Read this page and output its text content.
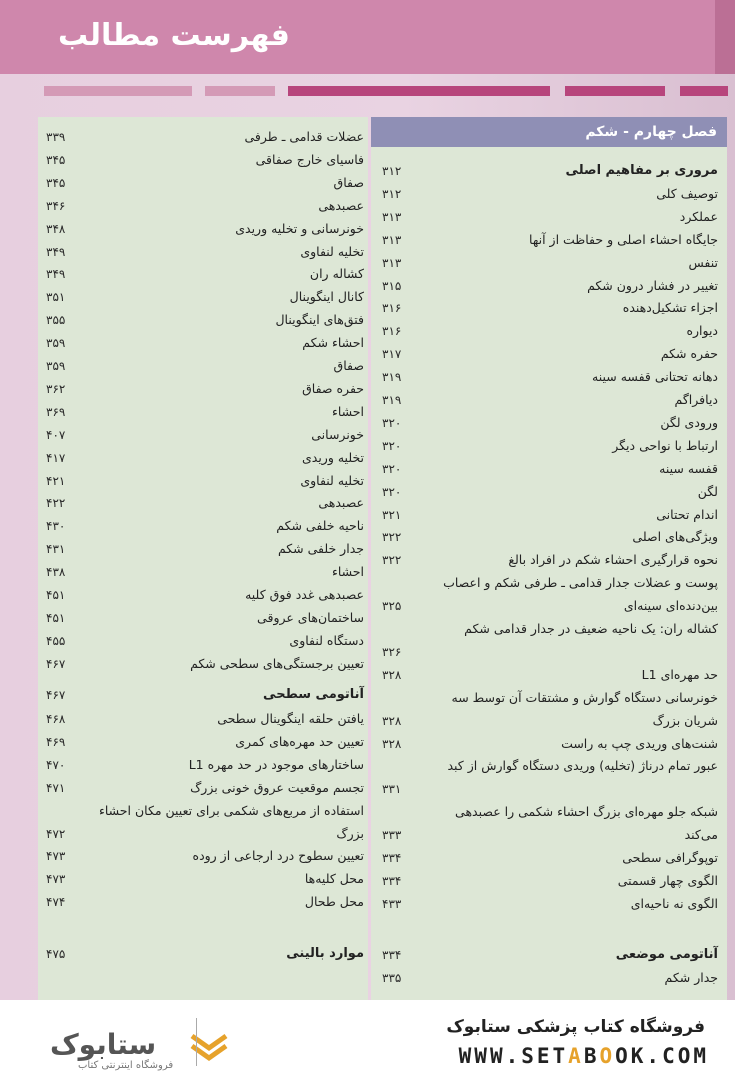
فهرست مطالب
فصل چهارم - شکم
عضلات قدامی ـ طرفی
۳۳۹
فاسیای خارج صفاقی
۳۴۵
صفاق
۳۴۵
عصبدهی
۳۴۶
خونرسانی و تخلیه وریدی
۳۴۸
تخلیه لنفاوی
۳۴۹
کشاله ران
۳۴۹
کانال اینگوینال
۳۵۱
فتق‌های اینگوینال
۳۵۵
احشاء شکم
۳۵۹
صفاق
۳۵۹
حفره صفاق
۳۶۲
احشاء
۳۶۹
خونرسانی
۴۰۷
تخلیه وریدی
۴۱۷
تخلیه لنفاوی
۴۲۱
عصبدهی
۴۲۲
ناحیه خلفی شکم
۴۳۰
جدار خلفی شکم
۴۳۱
احشاء
۴۳۸
عصبدهی غدد فوق کلیه
۴۵۱
ساختمان‌های عروقی
۴۵۱
دستگاه لنفاوی
۴۵۵
تعیین برجستگی‌های سطحی شکم
۴۶۷
آناتومی سطحی
۴۶۷
یافتن حلقه اینگوینال سطحی
۴۶۸
تعیین حد مهره‌های کمری
۴۶۹
ساختارهای موجود در حد مهره L1
۴۷۰
تجسم موقعیت عروق خونی بزرگ
۴۷۱
استفاده از مربع‌های شکمی برای تعیین مکان احشاء
بزرگ
۴۷۲
تعیین سطوح درد ارجاعی از روده
۴۷۳
محل کلیه‌ها
۴۷۳
محل طحال
۴۷۴
موارد بالینی
۴۷۵
مروری بر مفاهیم اصلی
۳۱۲
توصیف کلی
۳۱۲
عملکرد
۳۱۳
جایگاه احشاء اصلی و حفاظت از آنها
۳۱۳
تنفس
۳۱۳
تغییر در فشار درون شکم
۳۱۵
اجزاء تشکیل‌دهنده
۳۱۶
دیواره
۳۱۶
حفره شکم
۳۱۷
دهانه تحتانی قفسه سینه
۳۱۹
دیافراگم
۳۱۹
ورودی لگن
۳۲۰
ارتباط با نواحی دیگر
۳۲۰
قفسه سینه
۳۲۰
لگن
۳۲۰
اندام تحتانی
۳۲۱
ویژگی‌های اصلی
۳۲۲
نحوه قرارگیری احشاء شکم در افراد بالغ
۳۲۲
پوست و عضلات جدار قدامی ـ طرفی شکم و اعصاب
بین‌دنده‌ای سینه‌ای
۳۲۵
کشاله ران: یک ناحیه ضعیف در جدار قدامی شکم
۳۲۶
حد مهره‌ای L1
۳۲۸
خونرسانی دستگاه گوارش و مشتقات آن توسط سه
شریان بزرگ
۳۲۸
شنت‌های وریدی چپ به راست
۳۲۸
عبور تمام درناژ (تخلیه) وریدی دستگاه گوارش از کبد
۳۳۱
شبکه جلو مهره‌ای بزرگ احشاء شکمی را عصبدهی
می‌کند
۳۳۳
توپوگرافی سطحی
۳۳۴
الگوی چهار قسمتی
۳۳۴
الگوی نه ناحیه‌ای
۴۳۳
آناتومی موضعی
۳۳۴
جدار شکم
۳۳۵
ستابوک
فروشگاه اینترنتی کتاب
فروشگاه کتاب پزشکی ستابوک
WWW.SETABOOK.COM
